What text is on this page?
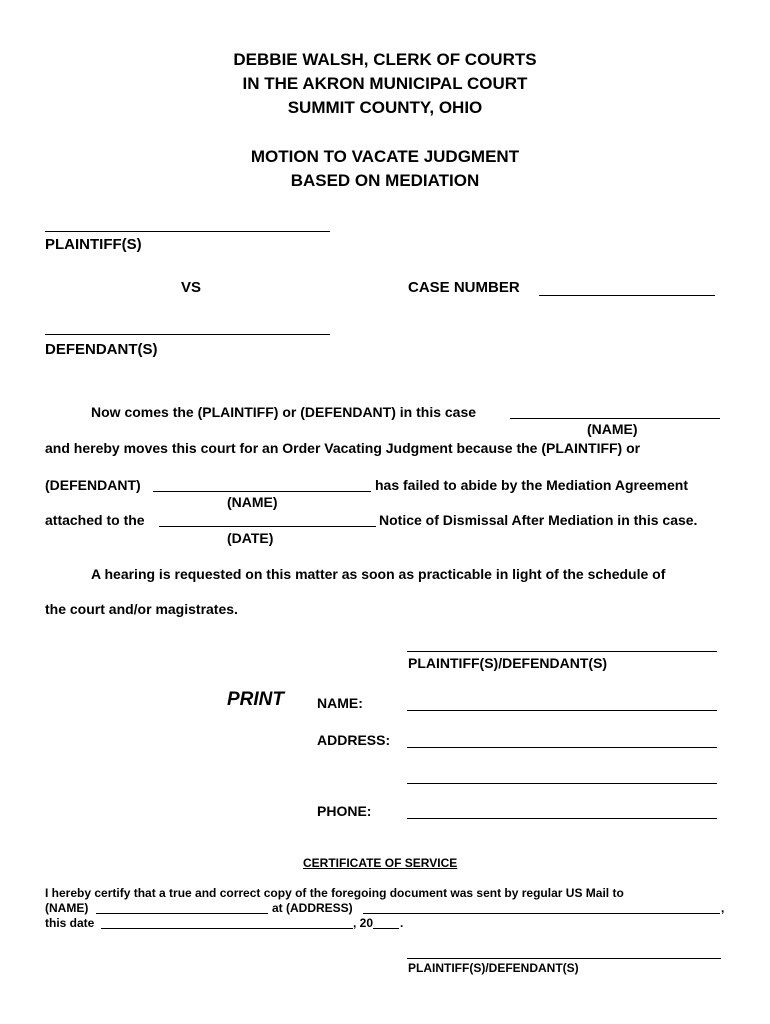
DEBBIE WALSH, CLERK OF COURTS
IN THE AKRON MUNICIPAL COURT
SUMMIT COUNTY, OHIO
MOTION TO VACATE JUDGMENT
BASED ON MEDIATION
PLAINTIFF(S)
VS	CASE NUMBER
DEFENDANT(S)
Now comes the (PLAINTIFF) or (DEFENDANT) in this case
(NAME)
and hereby moves this court for an Order Vacating Judgment because the (PLAINTIFF) or
(DEFENDANT)	has failed to abide by the Mediation Agreement
(NAME)
attached to the	Notice of Dismissal After Mediation in this case.
(DATE)
A hearing is requested on this matter as soon as practicable in light of the schedule of
the court and/or magistrates.
PLAINTIFF(S)/DEFENDANT(S)
PRINT NAME:
ADDRESS:
PHONE:
CERTIFICATE OF SERVICE
I hereby certify that a true and correct copy of the foregoing document was sent by regular US Mail to
(NAME)	at (ADDRESS)	,
this date	, 20 .
PLAINTIFF(S)/DEFENDANT(S)
